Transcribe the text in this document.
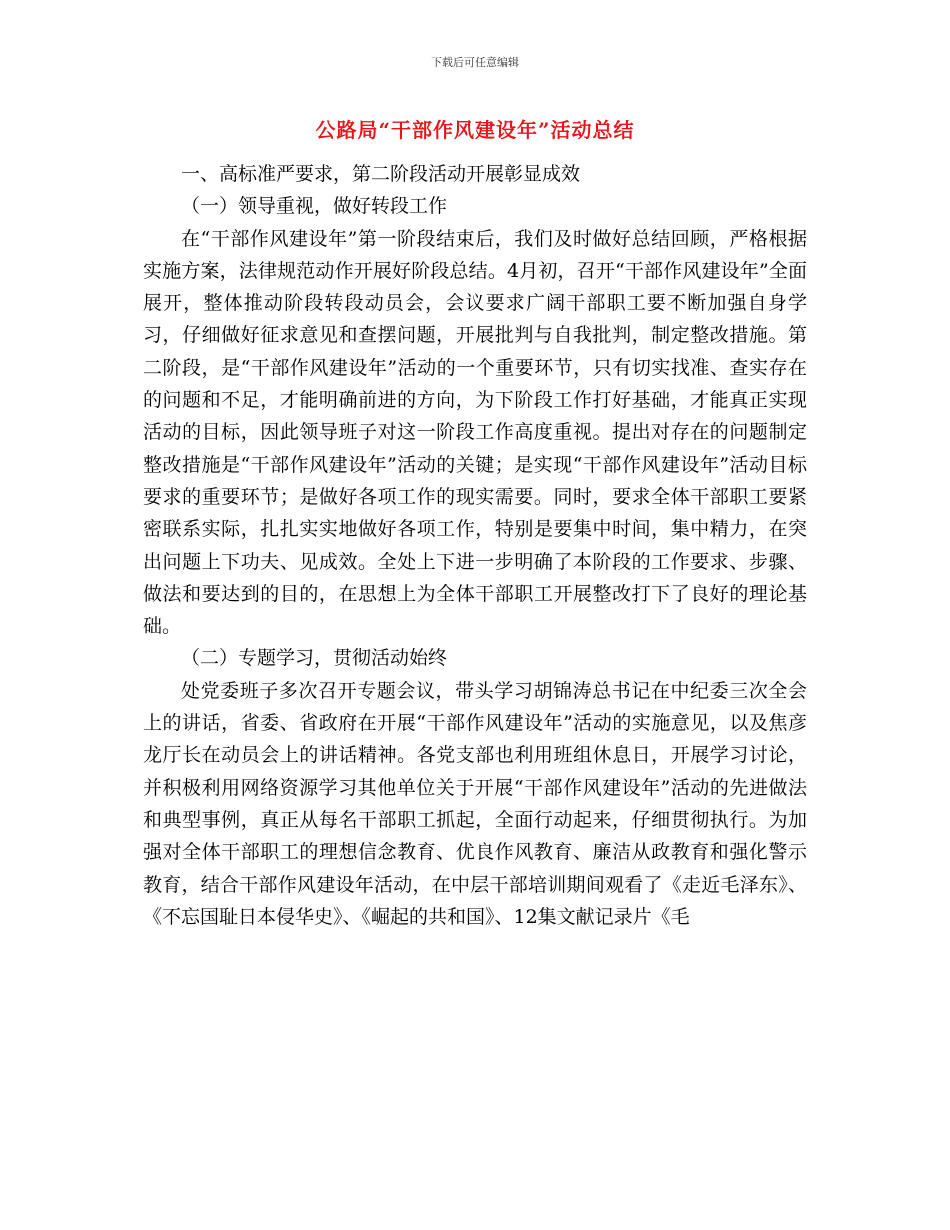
下载后可任意编辑
公路局“干部作风建设年”活动总结

一、高标准严要求，第二阶段活动开展彰显成效

（一）领导重视，做好转段工作

在“干部作风建设年”第一阶段结束后，我们及时做好总结回顾，严格根据实施方案，法律规范动作开展好阶段总结。4月初，召开“干部作风建设年”全面展开，整体推动阶段转段动员会，会议要求广阔干部职工要不断加强自身学习，仔细做好征求意见和查摆问题，开展批判与自我批判，制定整改措施。第二阶段，是“干部作风建设年”活动的一个重要环节，只有切实找准、查实存在的问题和不足，才能明确前进的方向，为下阶段工作打好基础，才能真正实现活动的目标，因此领导班子对这一阶段工作高度重视。提出对存在的问题制定整改措施是“干部作风建设年”活动的关键；是实现“干部作风建设年”活动目标要求的重要环节；是做好各项工作的现实需要。同时，要求全体干部职工要紧密联系实际，扎扎实实地做好各项工作，特别是要集中时间，集中精力，在突出问题上下功夫、见成效。全处上下进一步明确了本阶段的工作要求、步骤、做法和要达到的目的，在思想上为全体干部职工开展整改打下了良好的理论基础。

（二）专题学习，贯彻活动始终

处党委班子多次召开专题会议，带头学习胡锦涛总书记在中纪委三次全会上的讲话，省委、省政府在开展“干部作风建设年”活动的实施意见，以及焦彦龙厅长在动员会上的讲话精神。各党支部也利用班组休息日，开展学习讨论，并积极利用网络资源学习其他单位关于开展“干部作风建设年”活动的先进做法和典型事例，真正从每名干部职工抓起，全面行动起来，仔细贯彻执行。为加强对全体干部职工的理想信念教育、优良作风教育、廉洁从政教育和强化警示教育，结合干部作风建设年活动，在中层干部培训期间观看了《走近毛泽东》、《不忘国耻日本侵华史》、《崛起的共和国》、12集文献记录片《毛
